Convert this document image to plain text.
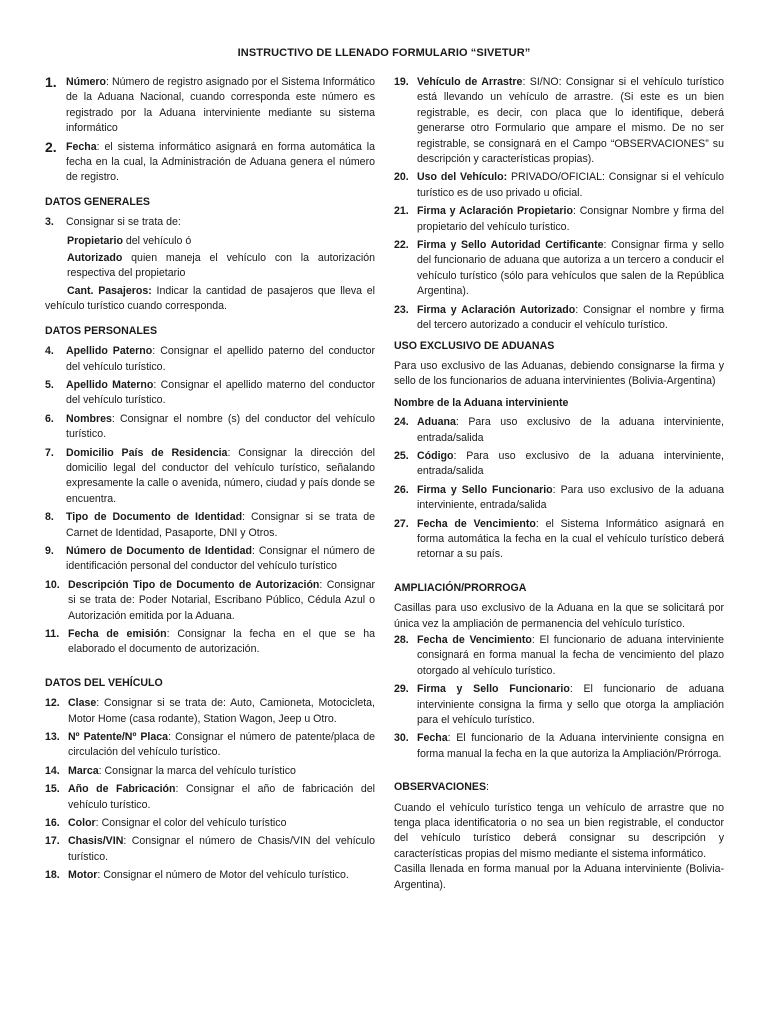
INSTRUCTIVO DE LLENADO FORMULARIO “SIVETUR”
1. Número: Número de registro asignado por el Sistema Informático de la Aduana Nacional, cuando corresponda este número es registrado por la Aduana interviniente mediante su sistema informático
2. Fecha: el sistema informático asignará en forma automática la fecha en la cual, la Administración de Aduana genera el número de registro.
DATOS GENERALES
3.	Consignar si se trata de:
Propietario del vehículo ó
Autorizado quien maneja el vehículo con la autorización respectiva del propietario
Cant. Pasajeros: Indicar la cantidad de pasajeros que lleva el vehículo turístico cuando corresponda.
DATOS PERSONALES
4.	Apellido Paterno: Consignar el apellido paterno del conductor del vehículo turístico.
5.	Apellido Materno: Consignar el apellido materno del conductor del vehículo turístico.
6.	Nombres: Consignar el nombre (s) del conductor del vehículo turístico.
7.	Domicilio País de Residencia: Consignar la dirección del domicilio legal del conductor del vehículo turístico, señalando expresamente la calle o avenida, número, ciudad y país donde se encuentra.
8.	Tipo de Documento de Identidad: Consignar si se trata de Carnet de Identidad, Pasaporte, DNI y Otros.
9.	Número de Documento de Identidad: Consignar el número de identificación personal del conductor del vehículo turístico
10. Descripción Tipo de Documento de Autorización: Consignar si se trata de: Poder Notarial, Escribano Público, Cédula Azul o Autorización emitida por la Aduana.
11. Fecha de emisión: Consignar la fecha en el que se ha elaborado el documento de autorización.
DATOS DEL VEHÍCULO
12. Clase: Consignar si se trata de: Auto, Camioneta, Motocicleta, Motor Home (casa rodante), Station Wagon, Jeep u Otro.
13. Nº Patente/Nº Placa: Consignar el número de patente/placa de circulación del vehículo turístico.
14. Marca: Consignar la marca del vehículo turístico
15. Año de Fabricación: Consignar el año de fabricación del vehículo turístico.
16. Color: Consignar el color del vehículo turístico
17. Chasis/VIN: Consignar el número de Chasis/VIN del vehículo turístico.
18. Motor: Consignar el número de Motor del vehículo turístico.
19. Vehículo de Arrastre: SI/NO: Consignar si el vehículo turístico está llevando un vehículo de arrastre. (Si este es un bien registrable, es decir, con placa que lo identifique, deberá generarse otro Formulario que ampare el mismo. De no ser registrable, se consignará en el Campo “OBSERVACIONES” su descripción y características propias).
20. Uso del Vehículo: PRIVADO/OFICIAL: Consignar si el vehículo turístico es de uso privado u oficial.
21. Firma y Aclaración Propietario: Consignar Nombre y firma del propietario del vehículo turístico.
22. Firma y Sello Autoridad Certificante: Consignar firma y sello del funcionario de aduana que autoriza a un tercero a conducir el vehículo turístico (sólo para vehículos que salen de la República Argentina).
23. Firma y Aclaración Autorizado: Consignar el nombre y firma del tercero autorizado a conducir el vehículo turístico.
USO EXCLUSIVO DE ADUANAS
Para uso exclusivo de las Aduanas, debiendo consignarse la firma y sello de los funcionarios de aduana intervinientes (Bolivia-Argentina)
Nombre de la Aduana interviniente
24. Aduana: Para uso exclusivo de la aduana interviniente, entrada/salida
25. Código: Para uso exclusivo de la aduana interviniente, entrada/salida
26. Firma y Sello Funcionario: Para uso exclusivo de la aduana interviniente, entrada/salida
27. Fecha de Vencimiento: el Sistema Informático asignará en forma automática la fecha en la cual el vehículo turístico deberá retornar a su país.
AMPLIACIÓN/PRORROGA
Casillas para uso exclusivo de la Aduana en la que se solicitará por única vez la ampliación de permanencia del vehículo turístico.
28. Fecha de Vencimiento: El funcionario de aduana interviniente consignará en forma manual la fecha de vencimiento del plazo otorgado al vehículo turístico.
29. Firma y Sello Funcionario: El funcionario de aduana interviniente consigna la firma y sello que otorga la ampliación para el vehículo turístico.
30. Fecha: El funcionario de la Aduana interviniente consigna en forma manual la fecha en la que autoriza la Ampliación/Prórroga.
OBSERVACIONES:
Cuando el vehículo turístico tenga un vehículo de arrastre que no tenga placa identificatoria o no sea un bien registrable, el conductor del vehículo turístico deberá consignar su descripción y características propias del mismo mediante el sistema informático.
Casilla llenada en forma manual por la Aduana interviniente (Bolivia-Argentina).
